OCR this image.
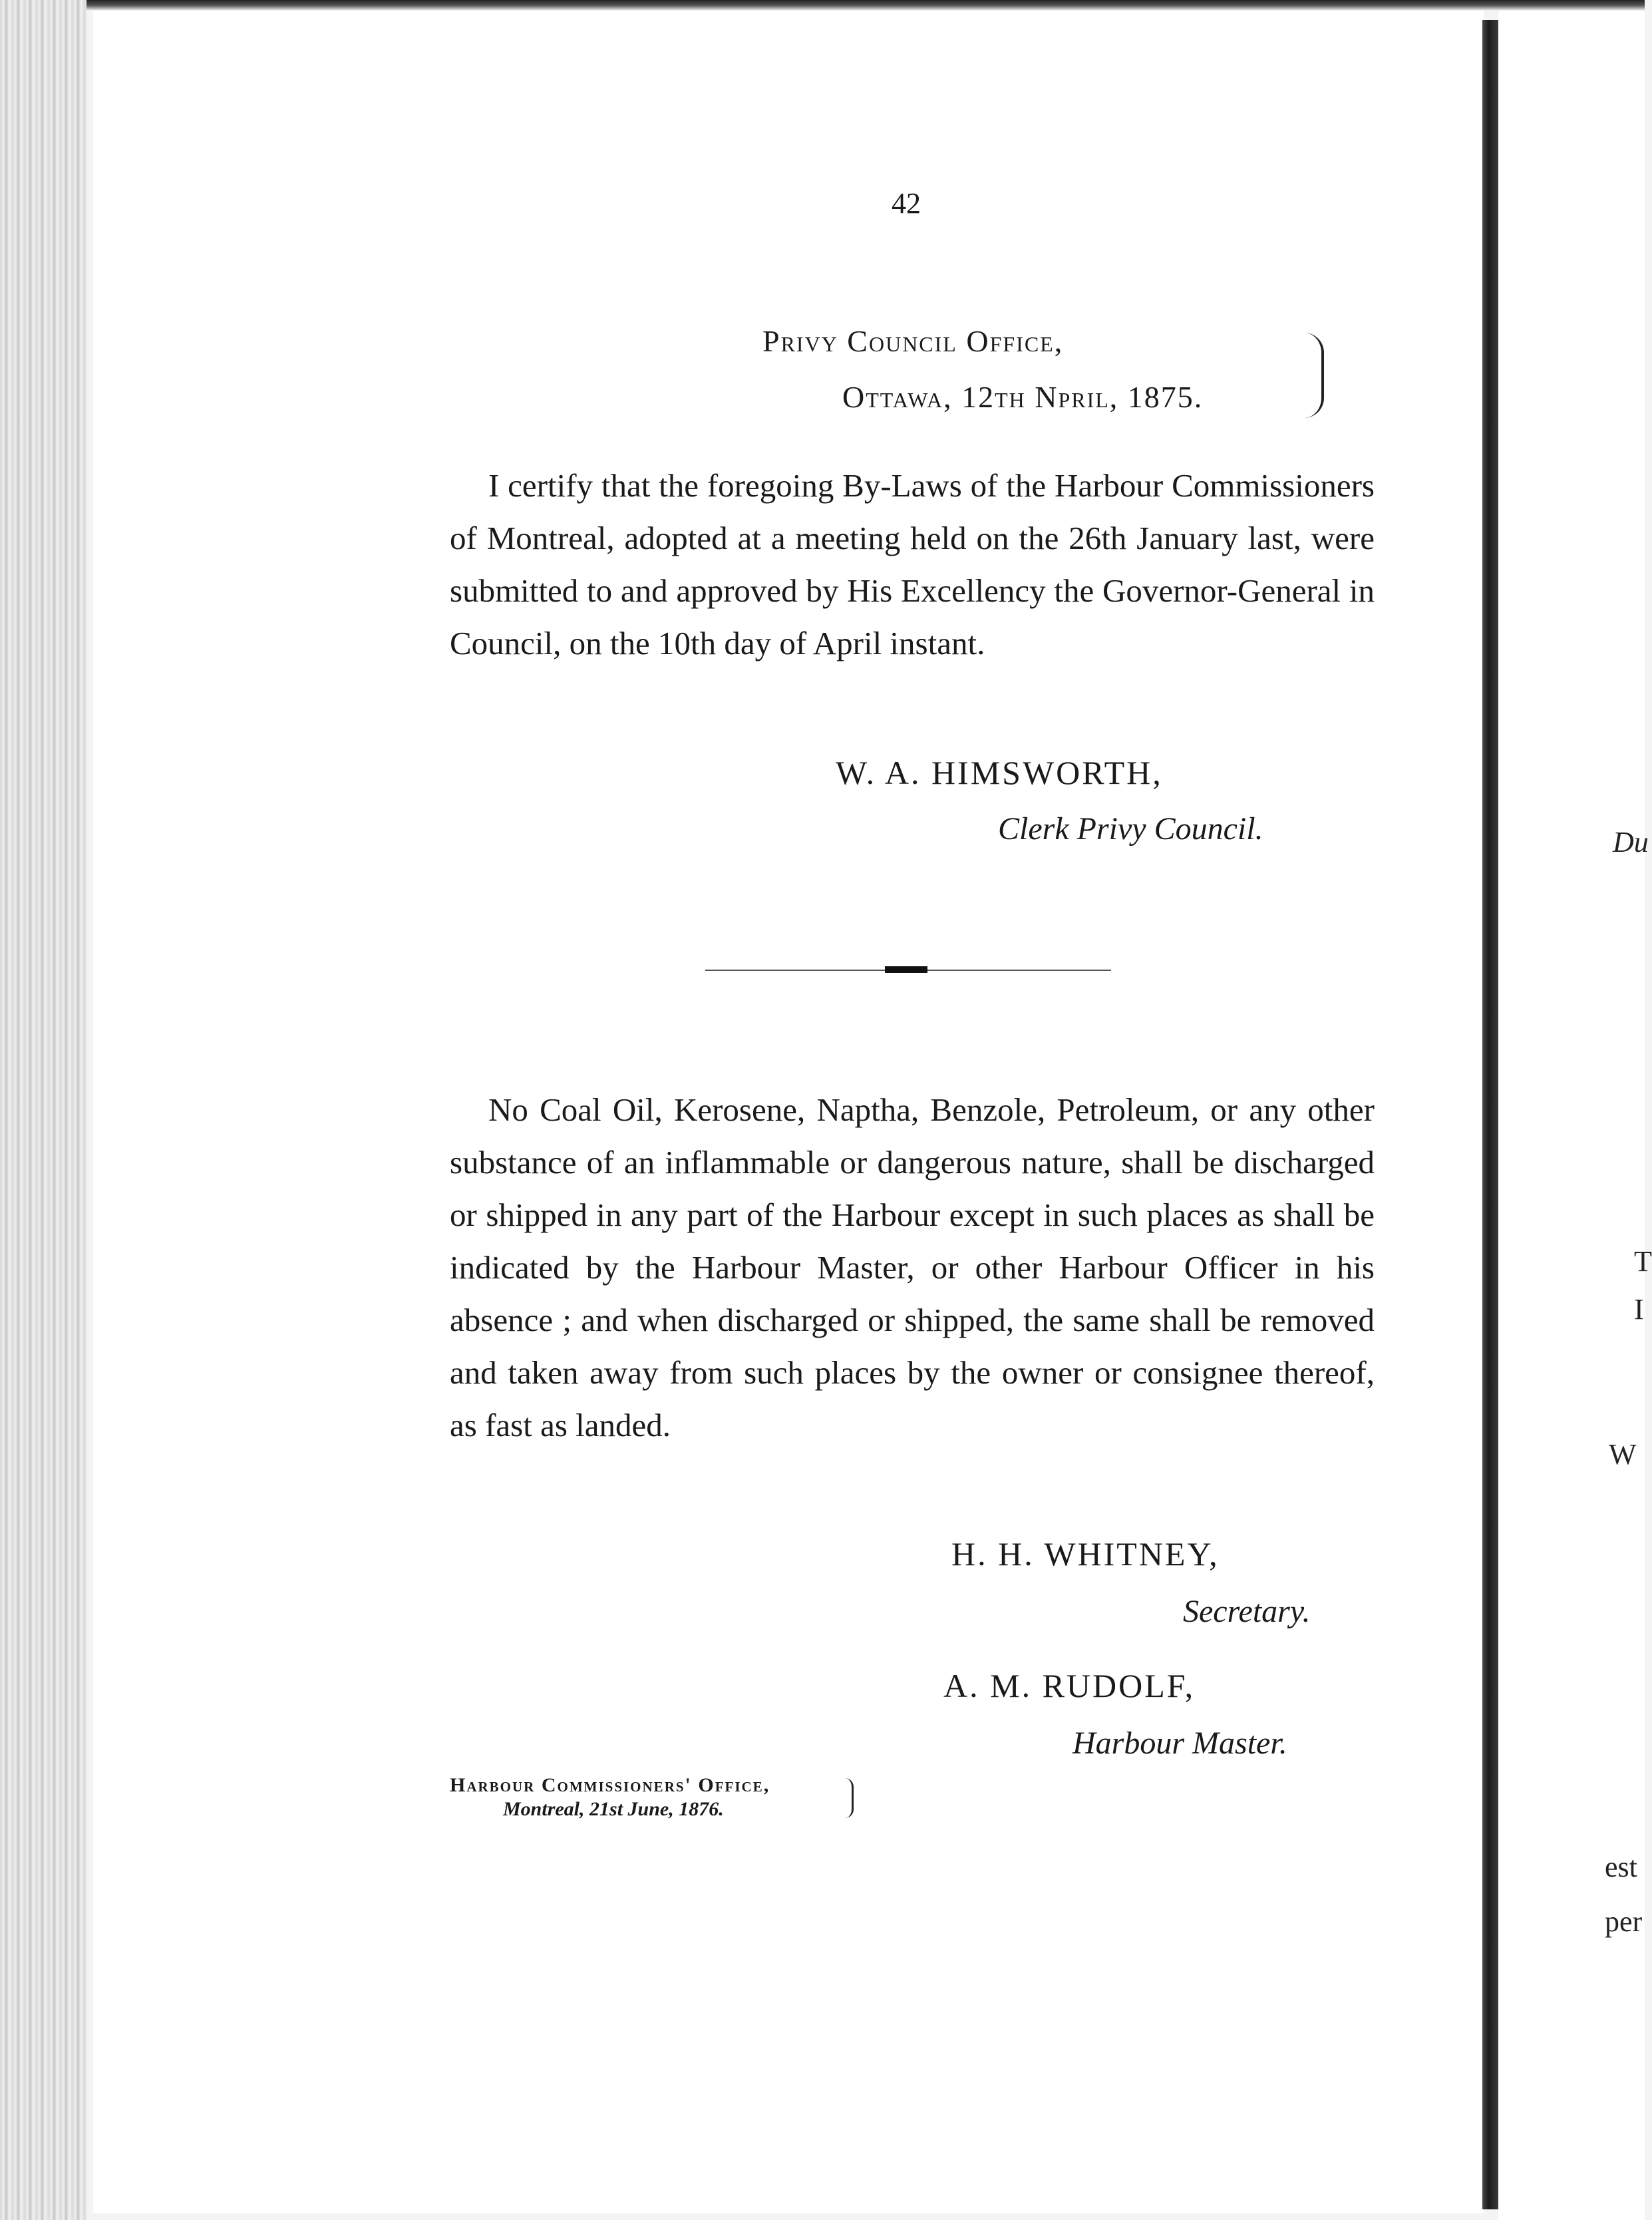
42
Privy Council Office,
Ottawa, 12th Npril, 1875.
I certify that the foregoing By-Laws of the Harbour Commissioners of Montreal, adopted at a meeting held on the 26th January last, were submitted to and approved by His Excellency the Governor-General in Council, on the 10th day of April instant.
W. A. HIMSWORTH,
Clerk Privy Council.
No Coal Oil, Kerosene, Naptha, Benzole, Petroleum, or any other substance of an inflammable or dangerous nature, shall be discharged or shipped in any part of the Harbour except in such places as shall be indicated by the Harbour Master, or other Harbour Officer in his absence ; and when discharged or shipped, the same shall be removed and taken away from such places by the owner or consignee thereof, as fast as landed.
H. H. WHITNEY,
Secretary.
A. M. RUDOLF,
Harbour Master.
Harbour Commissioners' Office,
Montreal, 21st June, 1876.
Du
T
I
W
est
per
